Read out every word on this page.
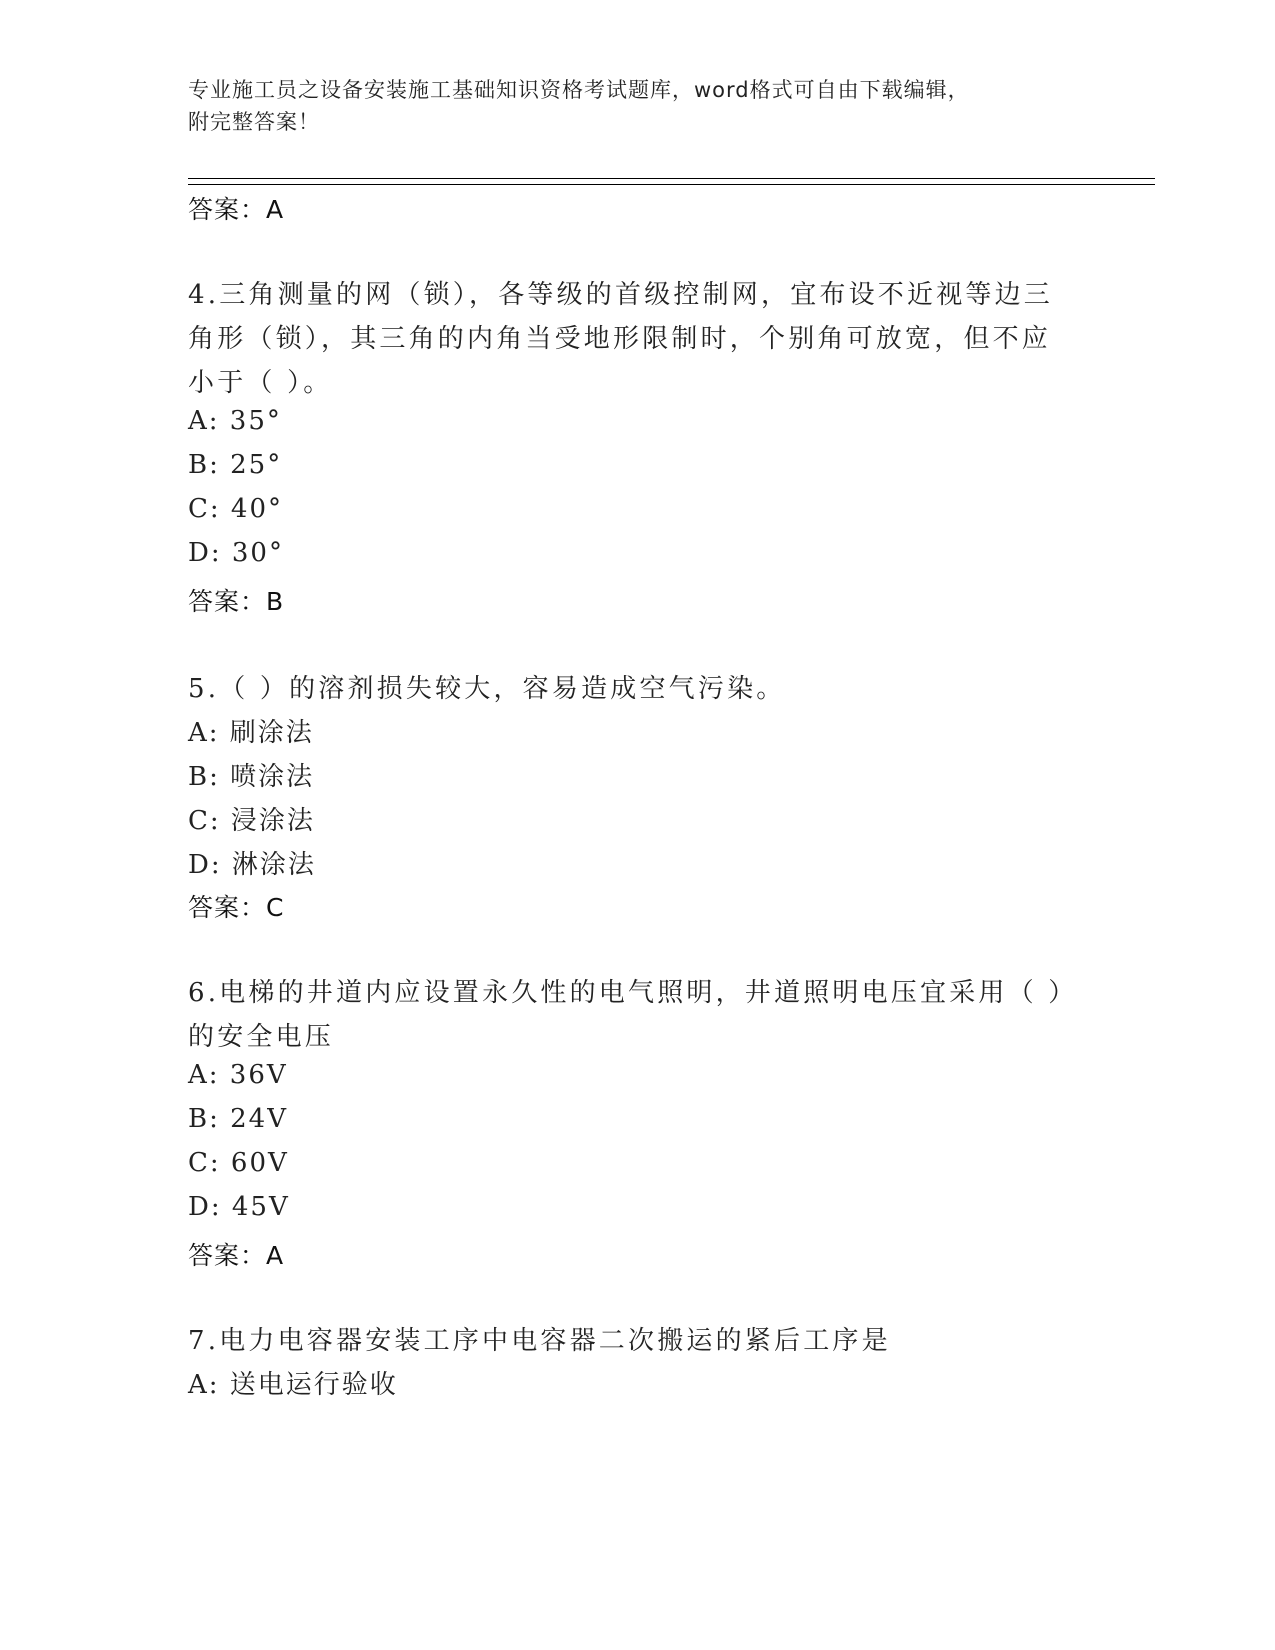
专业施工员之设备安装施工基础知识资格考试题库，word格式可自由下载编辑，
附完整答案！
答案：A
4.三角测量的网（锁），各等级的首级控制网，宜布设不近视等边三
角形（锁），其三角的内角当受地形限制时，个别角可放宽，但不应
小于（ ）。
A: 35°
B: 25°
C: 40°
D: 30°
答案：B
5.（ ）的溶剂损失较大，容易造成空气污染。
A: 刷涂法
B: 喷涂法
C: 浸涂法
D: 淋涂法
答案：C
6.电梯的井道内应设置永久性的电气照明，井道照明电压宜采用（ ）
的安全电压
A: 36V
B: 24V
C: 60V
D: 45V
答案：A
7.电力电容器安装工序中电容器二次搬运的紧后工序是
A: 送电运行验收
